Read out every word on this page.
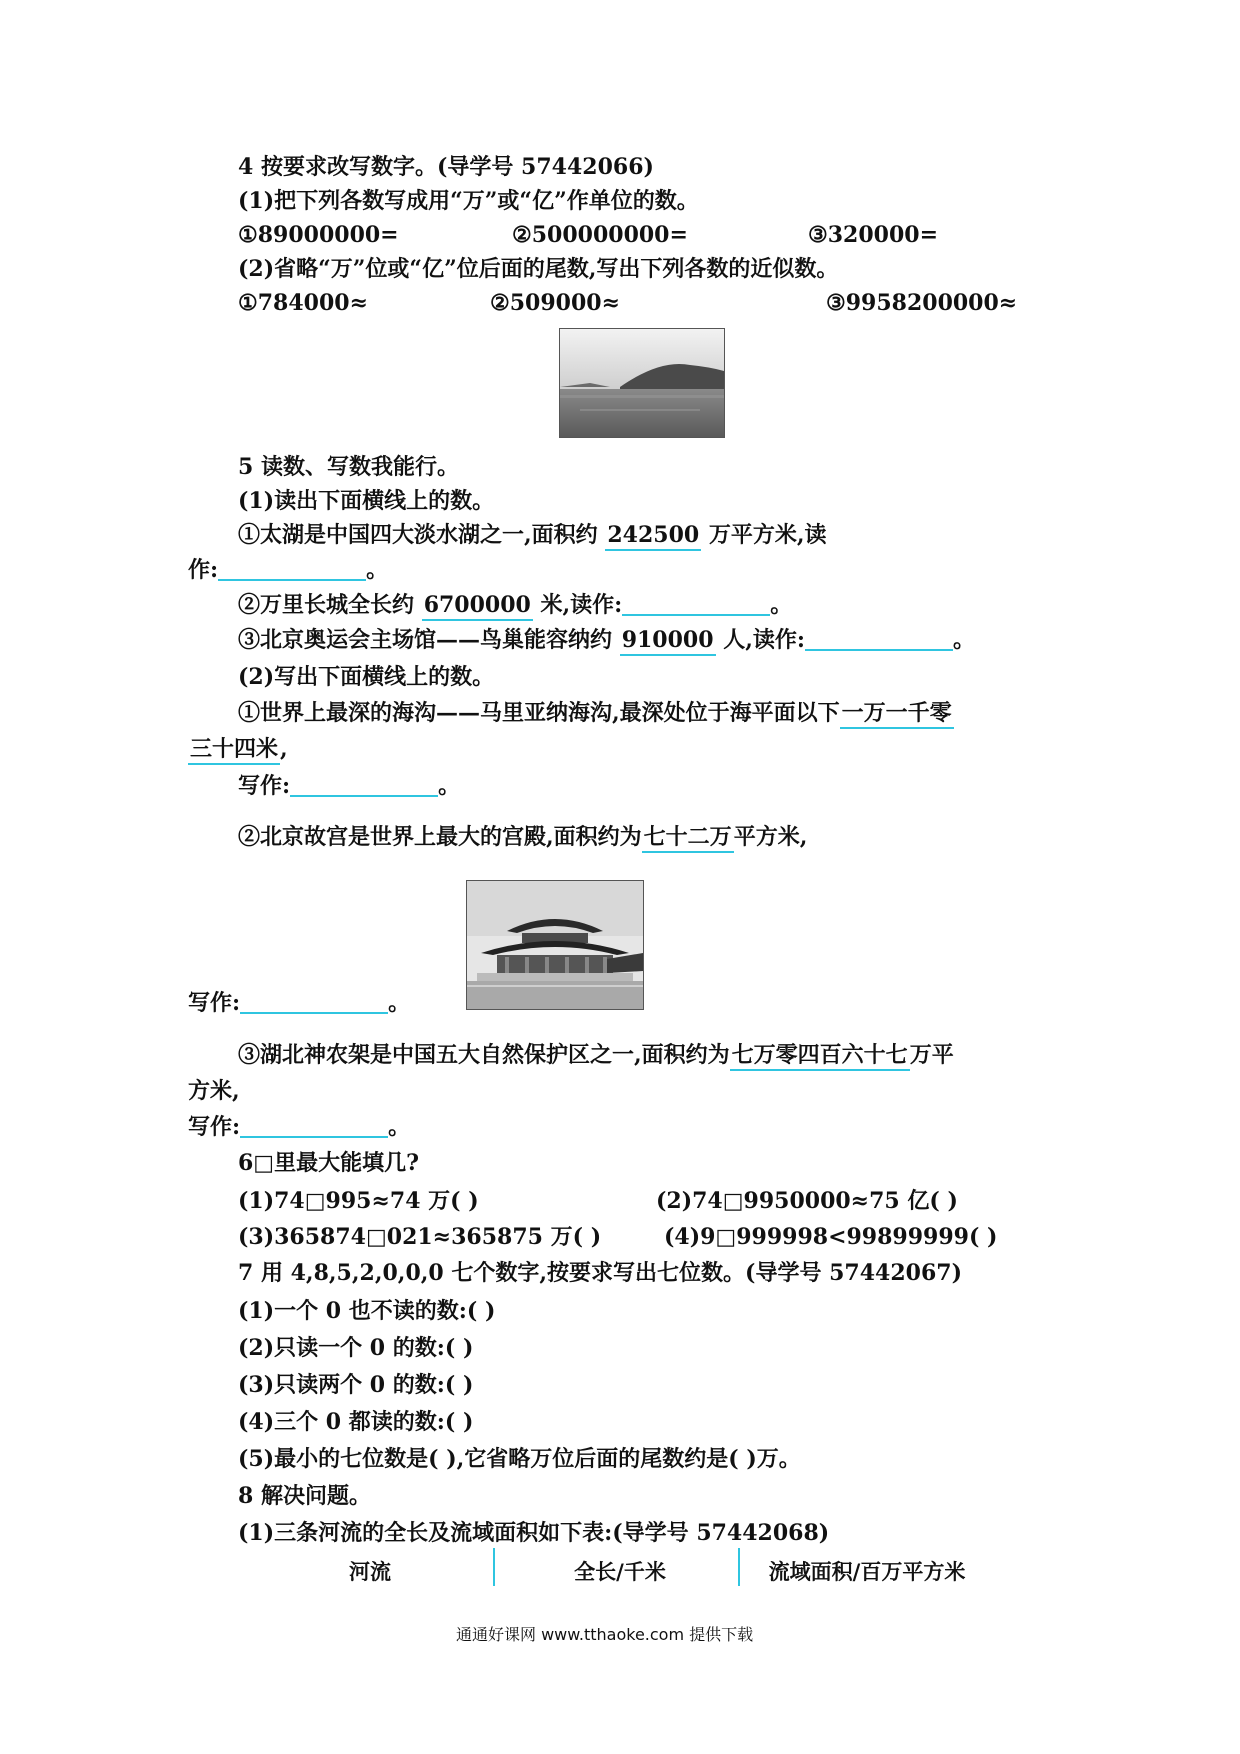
4 按要求改写数字。(导学号 57442066)
(1)把下列各数写成用“万”或“亿”作单位的数。
①89000000=	②500000000=	③320000=
(2)省略“万”位或“亿”位后面的尾数,写出下列各数的近似数。
①784000≈	②509000≈	③9958200000≈
5 读数、写数我能行。
(1)读出下面横线上的数。
①太湖是中国四大淡水湖之一,面积约 242500 万平方米,读
作:	。
②万里长城全长约 6700000 米,读作:	。
③北京奥运会主场馆——鸟巢能容纳约 910000 人,读作:	。
(2)写出下面横线上的数。
①世界上最深的海沟——马里亚纳海沟,最深处位于海平面以下一万一千零
三十四米,
写作:	。
②北京故宫是世界上最大的宫殿,面积约为七十二万平方米,
写作:	。
③湖北神农架是中国五大自然保护区之一,面积约为七万零四百六十七万平
方米,
写作:	。
6□里最大能填几?
(1)74□995≈74 万( )	(2)74□9950000≈75 亿( )
(3)365874□021≈365875 万( )	(4)9□999998<99899999( )
7 用 4,8,5,2,0,0,0 七个数字,按要求写出七位数。(导学号 57442067)
(1)一个 0 也不读的数:( )
(2)只读一个 0 的数:( )
(3)只读两个 0 的数:( )
(4)三个 0 都读的数:( )
(5)最小的七位数是( ),它省略万位后面的尾数约是( )万。
8 解决问题。
(1)三条河流的全长及流域面积如下表:(导学号 57442068)
河流	全长/千米	流域面积/百万平方米
通通好课网 www.tthaoke.com 提供下载
